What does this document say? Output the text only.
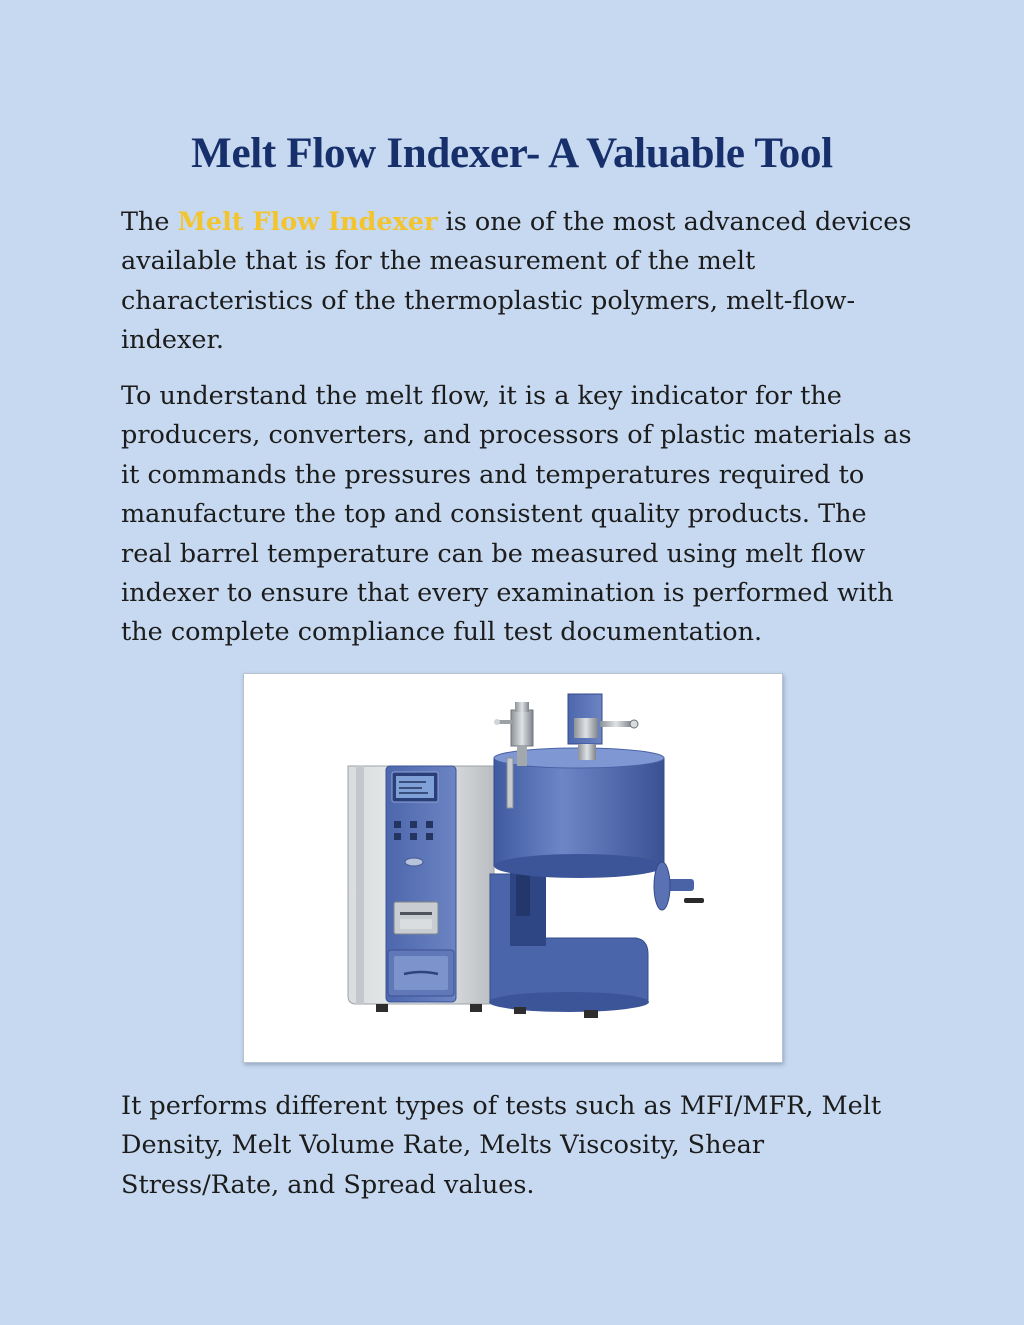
Melt Flow Indexer- A Valuable Tool

The Melt Flow Indexer is one of the most advanced devices available that is for the measurement of the melt characteristics of the thermoplastic polymers, melt-flow-indexer.

To understand the melt flow, it is a key indicator for the producers, converters, and processors of plastic materials as it commands the pressures and temperatures required to manufacture the top and consistent quality products. The real barrel temperature can be measured using melt flow indexer to ensure that every examination is performed with the complete compliance full test documentation.

It performs different types of tests such as MFI/MFR, Melt Density, Melt Volume Rate, Melts Viscosity, Shear Stress/Rate, and Spread values.
